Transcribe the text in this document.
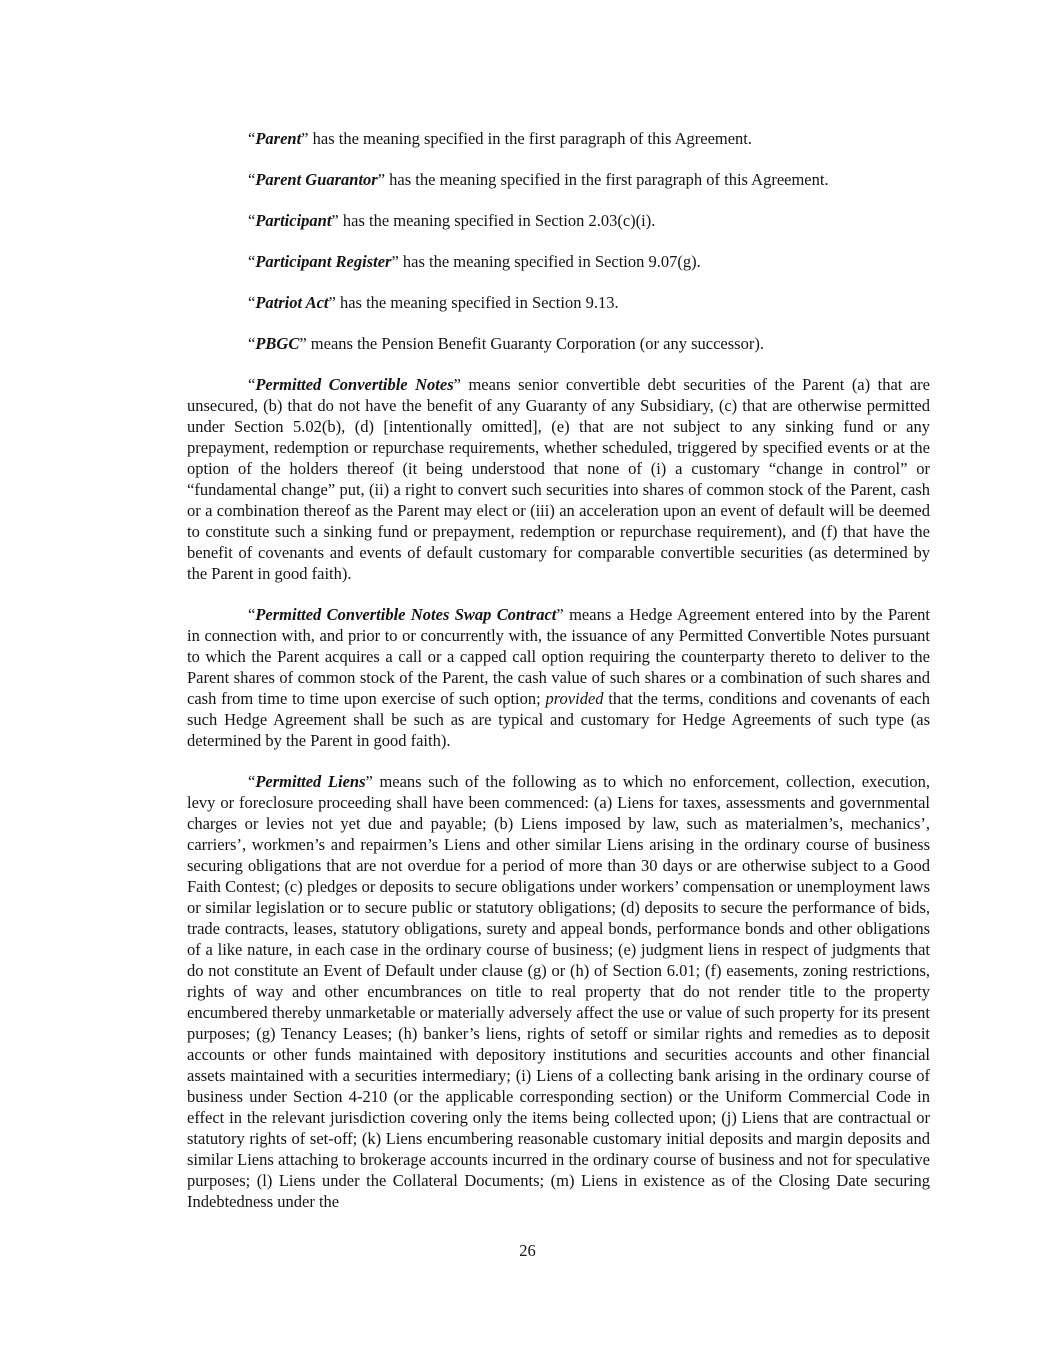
“Parent” has the meaning specified in the first paragraph of this Agreement.

“Parent Guarantor” has the meaning specified in the first paragraph of this Agreement.

“Participant” has the meaning specified in Section 2.03(c)(i).

“Participant Register” has the meaning specified in Section 9.07(g).

“Patriot Act” has the meaning specified in Section 9.13.

“PBGC” means the Pension Benefit Guaranty Corporation (or any successor).

“Permitted Convertible Notes” means senior convertible debt securities of the Parent (a) that are unsecured, (b) that do not have the benefit of any Guaranty of any Subsidiary, (c) that are otherwise permitted under Section 5.02(b), (d) [intentionally omitted], (e) that are not subject to any sinking fund or any prepayment, redemption or repurchase requirements, whether scheduled, triggered by specified events or at the option of the holders thereof (it being understood that none of (i) a customary “change in control” or “fundamental change” put, (ii) a right to convert such securities into shares of common stock of the Parent, cash or a combination thereof as the Parent may elect or (iii) an acceleration upon an event of default will be deemed to constitute such a sinking fund or prepayment, redemption or repurchase requirement), and (f) that have the benefit of covenants and events of default customary for comparable convertible securities (as determined by the Parent in good faith).

“Permitted Convertible Notes Swap Contract” means a Hedge Agreement entered into by the Parent in connection with, and prior to or concurrently with, the issuance of any Permitted Convertible Notes pursuant to which the Parent acquires a call or a capped call option requiring the counterparty thereto to deliver to the Parent shares of common stock of the Parent, the cash value of such shares or a combination of such shares and cash from time to time upon exercise of such option; provided that the terms, conditions and covenants of each such Hedge Agreement shall be such as are typical and customary for Hedge Agreements of such type (as determined by the Parent in good faith).

“Permitted Liens” means such of the following as to which no enforcement, collection, execution, levy or foreclosure proceeding shall have been commenced: (a) Liens for taxes, assessments and governmental charges or levies not yet due and payable; (b) Liens imposed by law, such as materialmen’s, mechanics’, carriers’, workmen’s and repairmen’s Liens and other similar Liens arising in the ordinary course of business securing obligations that are not overdue for a period of more than 30 days or are otherwise subject to a Good Faith Contest; (c) pledges or deposits to secure obligations under workers’ compensation or unemployment laws or similar legislation or to secure public or statutory obligations; (d) deposits to secure the performance of bids, trade contracts, leases, statutory obligations, surety and appeal bonds, performance bonds and other obligations of a like nature, in each case in the ordinary course of business; (e) judgment liens in respect of judgments that do not constitute an Event of Default under clause (g) or (h) of Section 6.01; (f) easements, zoning restrictions, rights of way and other encumbrances on title to real property that do not render title to the property encumbered thereby unmarketable or materially adversely affect the use or value of such property for its present purposes; (g) Tenancy Leases; (h) banker’s liens, rights of setoff or similar rights and remedies as to deposit accounts or other funds maintained with depository institutions and securities accounts and other financial assets maintained with a securities intermediary; (i) Liens of a collecting bank arising in the ordinary course of business under Section 4-210 (or the applicable corresponding section) or the Uniform Commercial Code in effect in the relevant jurisdiction covering only the items being collected upon; (j) Liens that are contractual or statutory rights of set-off; (k) Liens encumbering reasonable customary initial deposits and margin deposits and similar Liens attaching to brokerage accounts incurred in the ordinary course of business and not for speculative purposes; (l) Liens under the Collateral Documents; (m) Liens in existence as of the Closing Date securing Indebtedness under the

26
